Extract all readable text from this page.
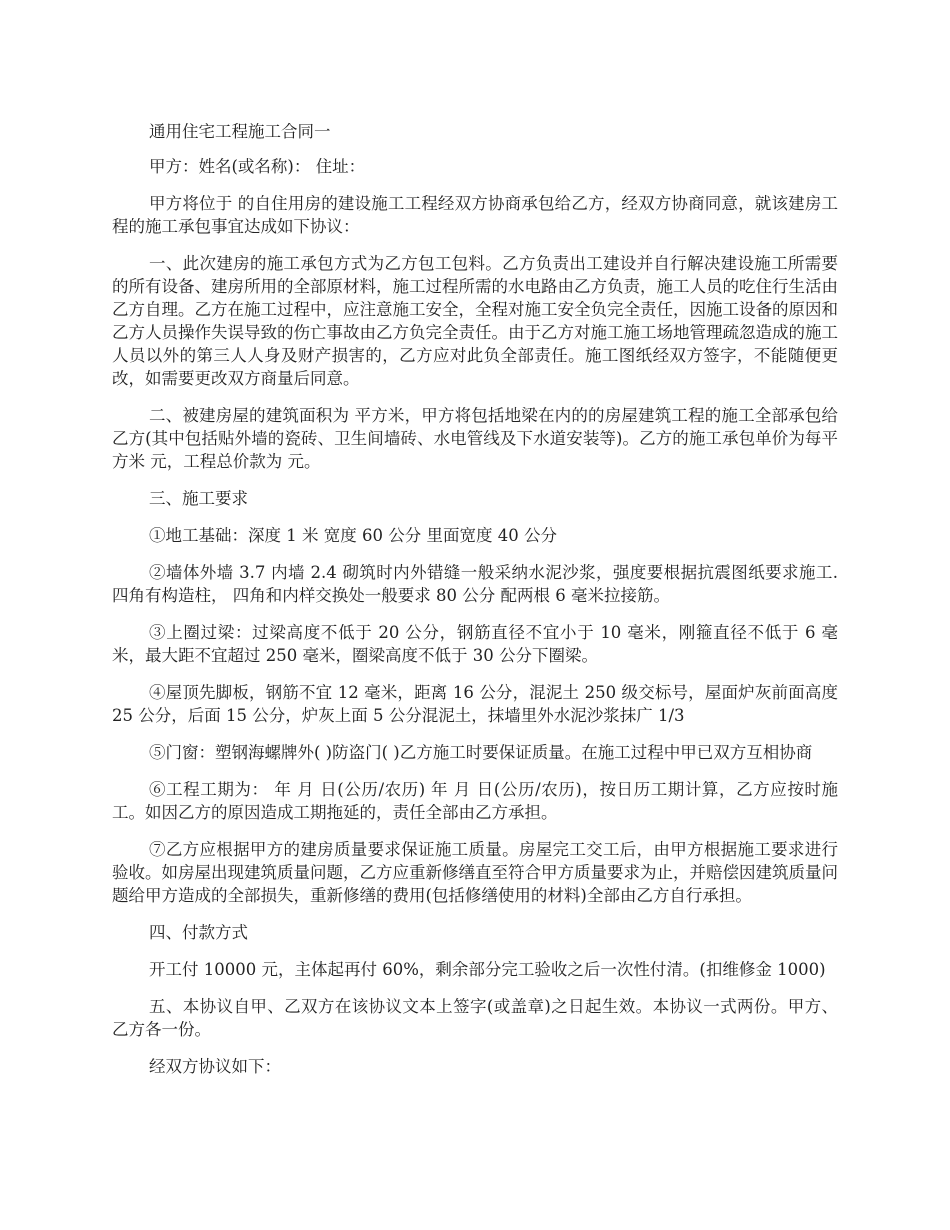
通用住宅工程施工合同一

甲方：姓名(或名称)： 住址：

甲方将位于 的自住用房的建设施工工程经双方协商承包给乙方，经双方协商同意，就该建房工程的施工承包事宜达成如下协议：

一、此次建房的施工承包方式为乙方包工包料。乙方负责出工建设并自行解决建设施工所需要的所有设备、建房所用的全部原材料，施工过程所需的水电路由乙方负责，施工人员的吃住行生活由乙方自理。乙方在施工过程中，应注意施工安全，全程对施工安全负完全责任，因施工设备的原因和乙方人员操作失误导致的伤亡事故由乙方负完全责任。由于乙方对施工施工场地管理疏忽造成的施工人员以外的第三人人身及财产损害的，乙方应对此负全部责任。施工图纸经双方签字，不能随便更改，如需要更改双方商量后同意。

二、被建房屋的建筑面积为 平方米，甲方将包括地梁在内的的房屋建筑工程的施工全部承包给乙方(其中包括贴外墙的瓷砖、卫生间墙砖、水电管线及下水道安装等)。乙方的施工承包单价为每平方米 元，工程总价款为 元。

三、施工要求

①地工基础：深度 1 米 宽度 60 公分 里面宽度 40 公分

②墙体外墙 3.7 内墙 2.4 砌筑时内外错缝一般采纳水泥沙浆，强度要根据抗震图纸要求施工.四角有构造柱， 四角和内样交换处一般要求 80 公分 配两根 6 毫米拉接筋。

③上圈过梁：过梁高度不低于 20 公分，钢筋直径不宜小于 10 毫米，刚箍直径不低于 6 毫米，最大距不宜超过 250 毫米，圈梁高度不低于 30 公分下圈梁。

④屋顶先脚板，钢筋不宜 12 毫米，距离 16 公分，混泥土 250 级交标号，屋面炉灰前面高度 25 公分，后面 15 公分，炉灰上面 5 公分混泥土，抹墙里外水泥沙浆抹广 1/3

⑤门窗：塑钢海螺牌外( )防盗门( )乙方施工时要保证质量。在施工过程中甲已双方互相协商

⑥工程工期为： 年 月 日(公历/农历) 年 月 日(公历/农历)，按日历工期计算，乙方应按时施工。如因乙方的原因造成工期拖延的，责任全部由乙方承担。

⑦乙方应根据甲方的建房质量要求保证施工质量。房屋完工交工后，由甲方根据施工要求进行验收。如房屋出现建筑质量问题，乙方应重新修缮直至符合甲方质量要求为止，并赔偿因建筑质量问题给甲方造成的全部损失，重新修缮的费用(包括修缮使用的材料)全部由乙方自行承担。

四、付款方式

开工付 10000 元，主体起再付 60%，剩余部分完工验收之后一次性付清。(扣维修金 1000)

五、本协议自甲、乙双方在该协议文本上签字(或盖章)之日起生效。本协议一式两份。甲方、乙方各一份。

经双方协议如下：
